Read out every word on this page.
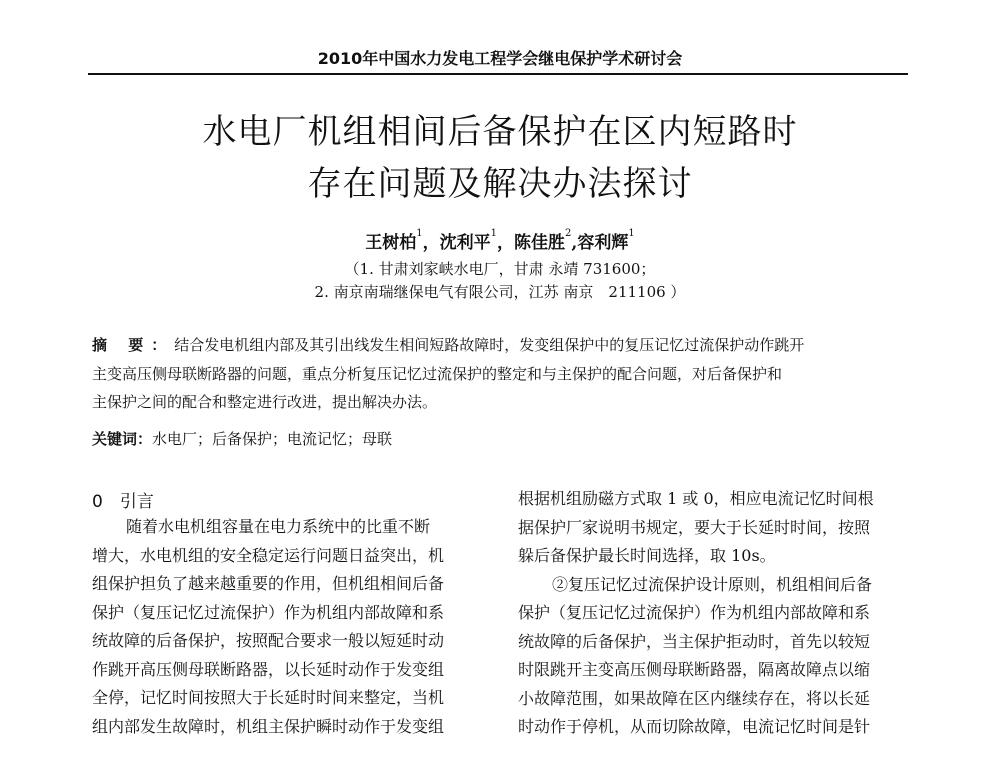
2010年中国水力发电工程学会继电保护学术研讨会
水电厂机组相间后备保护在区内短路时
存在问题及解决办法探讨
王树柏$^1$，沈利平$^1$，陈佳胜$^2$,容利辉$^1$
（1. 甘肃刘家峡水电厂，甘肃 永靖 731600；
2. 南京南瑞继保电气有限公司，江苏 南京　211106 ）
摘 要：结合发电机组内部及其引出线发生相间短路故障时，发变组保护中的复压记忆过流保护动作跳开
主变高压侧母联断路器的问题，重点分析复压记忆过流保护的整定和与主保护的配合问题，对后备保护和
主保护之间的配合和整定进行改进，提出解决办法。
关键词：水电厂；后备保护；电流记忆；母联
0　引言
随着水电机组容量在电力系统中的比重不断
增大，水电机组的安全稳定运行问题日益突出，机
组保护担负了越来越重要的作用，但机组相间后备
保护（复压记忆过流保护）作为机组内部故障和系
统故障的后备保护，按照配合要求一般以短延时动
作跳开高压侧母联断路器，以长延时动作于发变组
全停，记忆时间按照大于长延时时间来整定，当机
组内部发生故障时，机组主保护瞬时动作于发变组
根据机组励磁方式取 1 或 0，相应电流记忆时间根
据保护厂家说明书规定，要大于长延时时间，按照
躲后备保护最长时间选择，取 10s。
②复压记忆过流保护设计原则，机组相间后备
保护（复压记忆过流保护）作为机组内部故障和系
统故障的后备保护，当主保护拒动时，首先以较短
时限跳开主变高压侧母联断路器，隔离故障点以缩
小故障范围，如果故障在区内继续存在，将以长延
时动作于停机，从而切除故障，电流记忆时间是针
